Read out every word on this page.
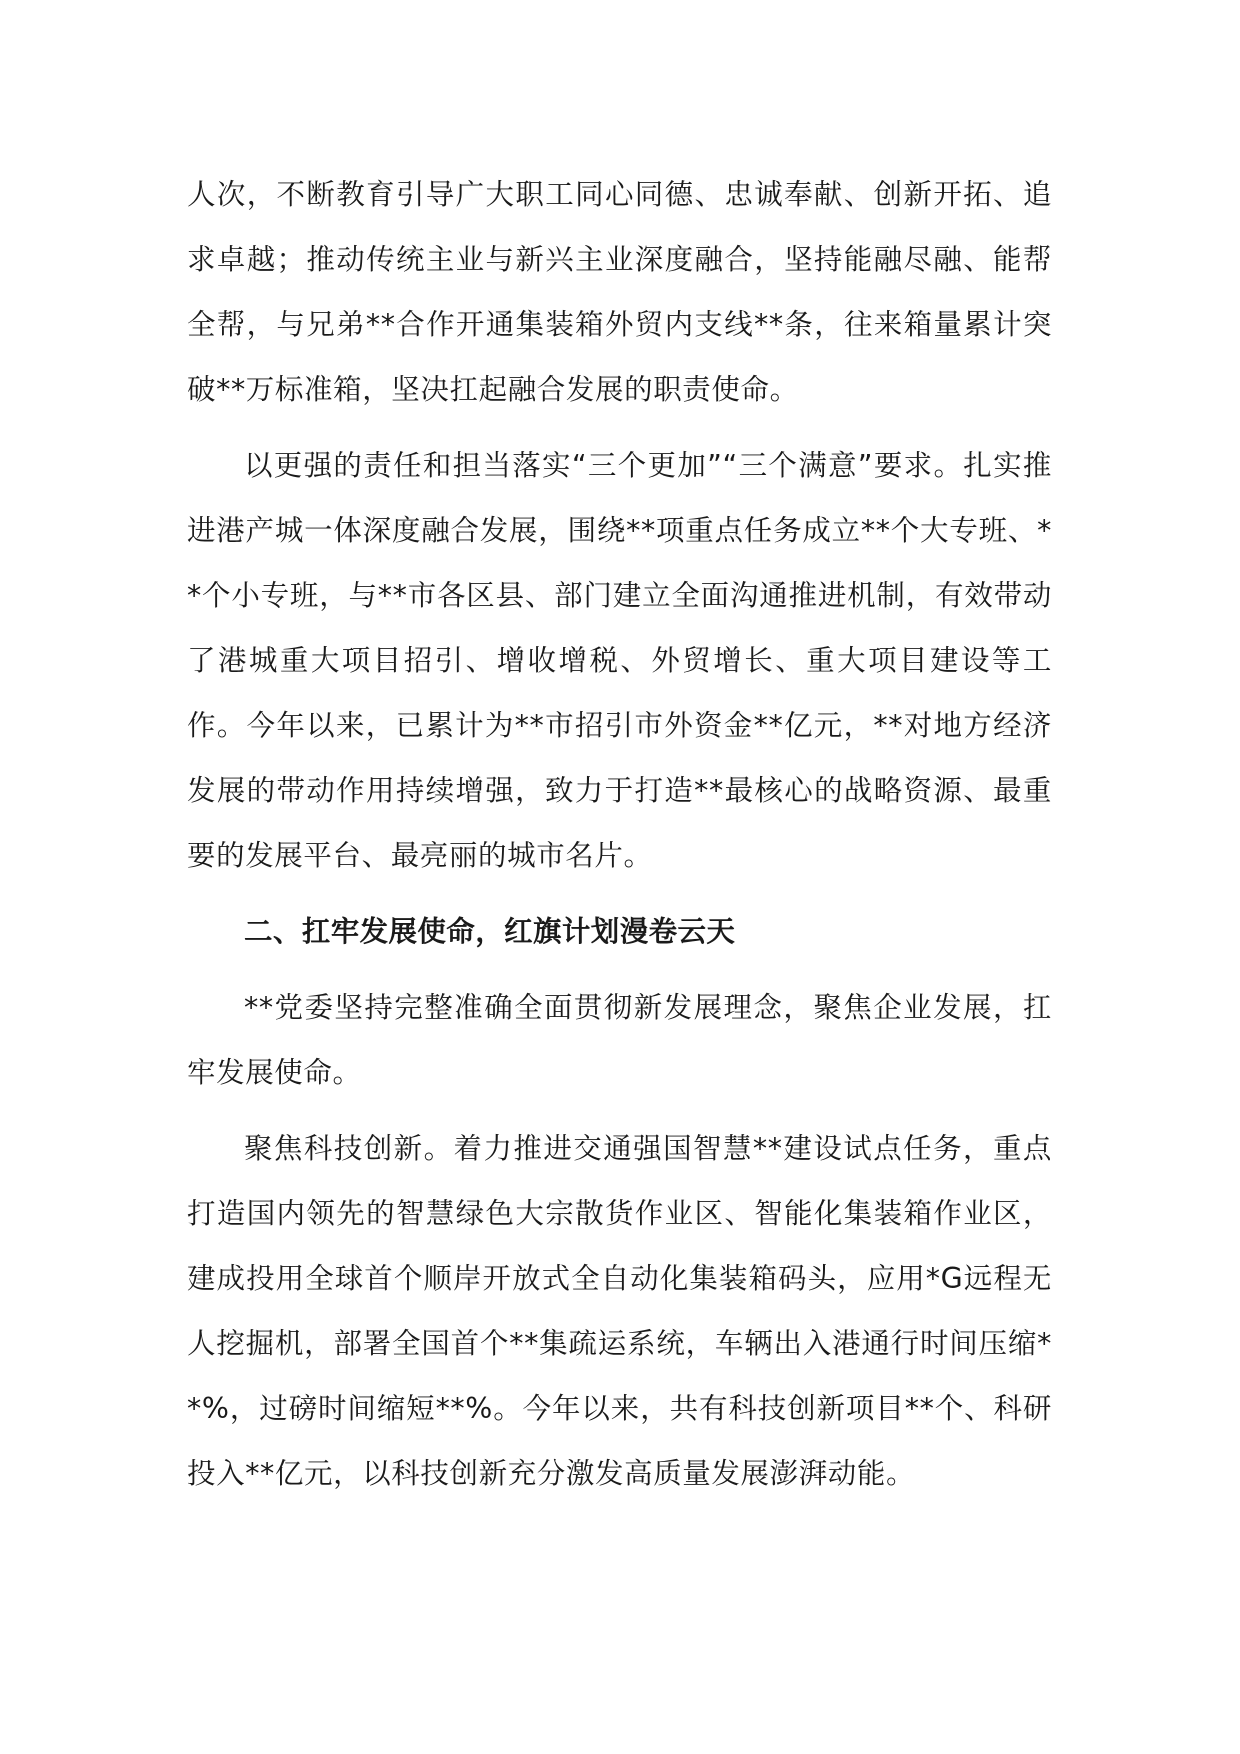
人次，不断教育引导广大职工同心同德、忠诚奉献、创新开拓、追求卓越；推动传统主业与新兴主业深度融合，坚持能融尽融、能帮全帮，与兄弟**合作开通集装箱外贸内支线**条，往来箱量累计突破**万标准箱，坚决扛起融合发展的职责使命。

以更强的责任和担当落实“三个更加”“三个满意”要求。扎实推进港产城一体深度融合发展，围绕**项重点任务成立**个大专班、**个小专班，与**市各区县、部门建立全面沟通推进机制，有效带动了港城重大项目招引、增收增税、外贸增长、重大项目建设等工作。今年以来，已累计为**市招引市外资金**亿元，**对地方经济发展的带动作用持续增强，致力于打造**最核心的战略资源、最重要的发展平台、最亮丽的城市名片。

二、扛牢发展使命，红旗计划漫卷云天

**党委坚持完整准确全面贯彻新发展理念，聚焦企业发展，扛牢发展使命。

聚焦科技创新。着力推进交通强国智慧**建设试点任务，重点打造国内领先的智慧绿色大宗散货作业区、智能化集装箱作业区，建成投用全球首个顺岸开放式全自动化集装箱码头，应用*G远程无人挖掘机，部署全国首个**集疏运系统，车辆出入港通行时间压缩**%，过磅时间缩短**%。今年以来，共有科技创新项目**个、科研投入**亿元，以科技创新充分激发高质量发展澎湃动能。
